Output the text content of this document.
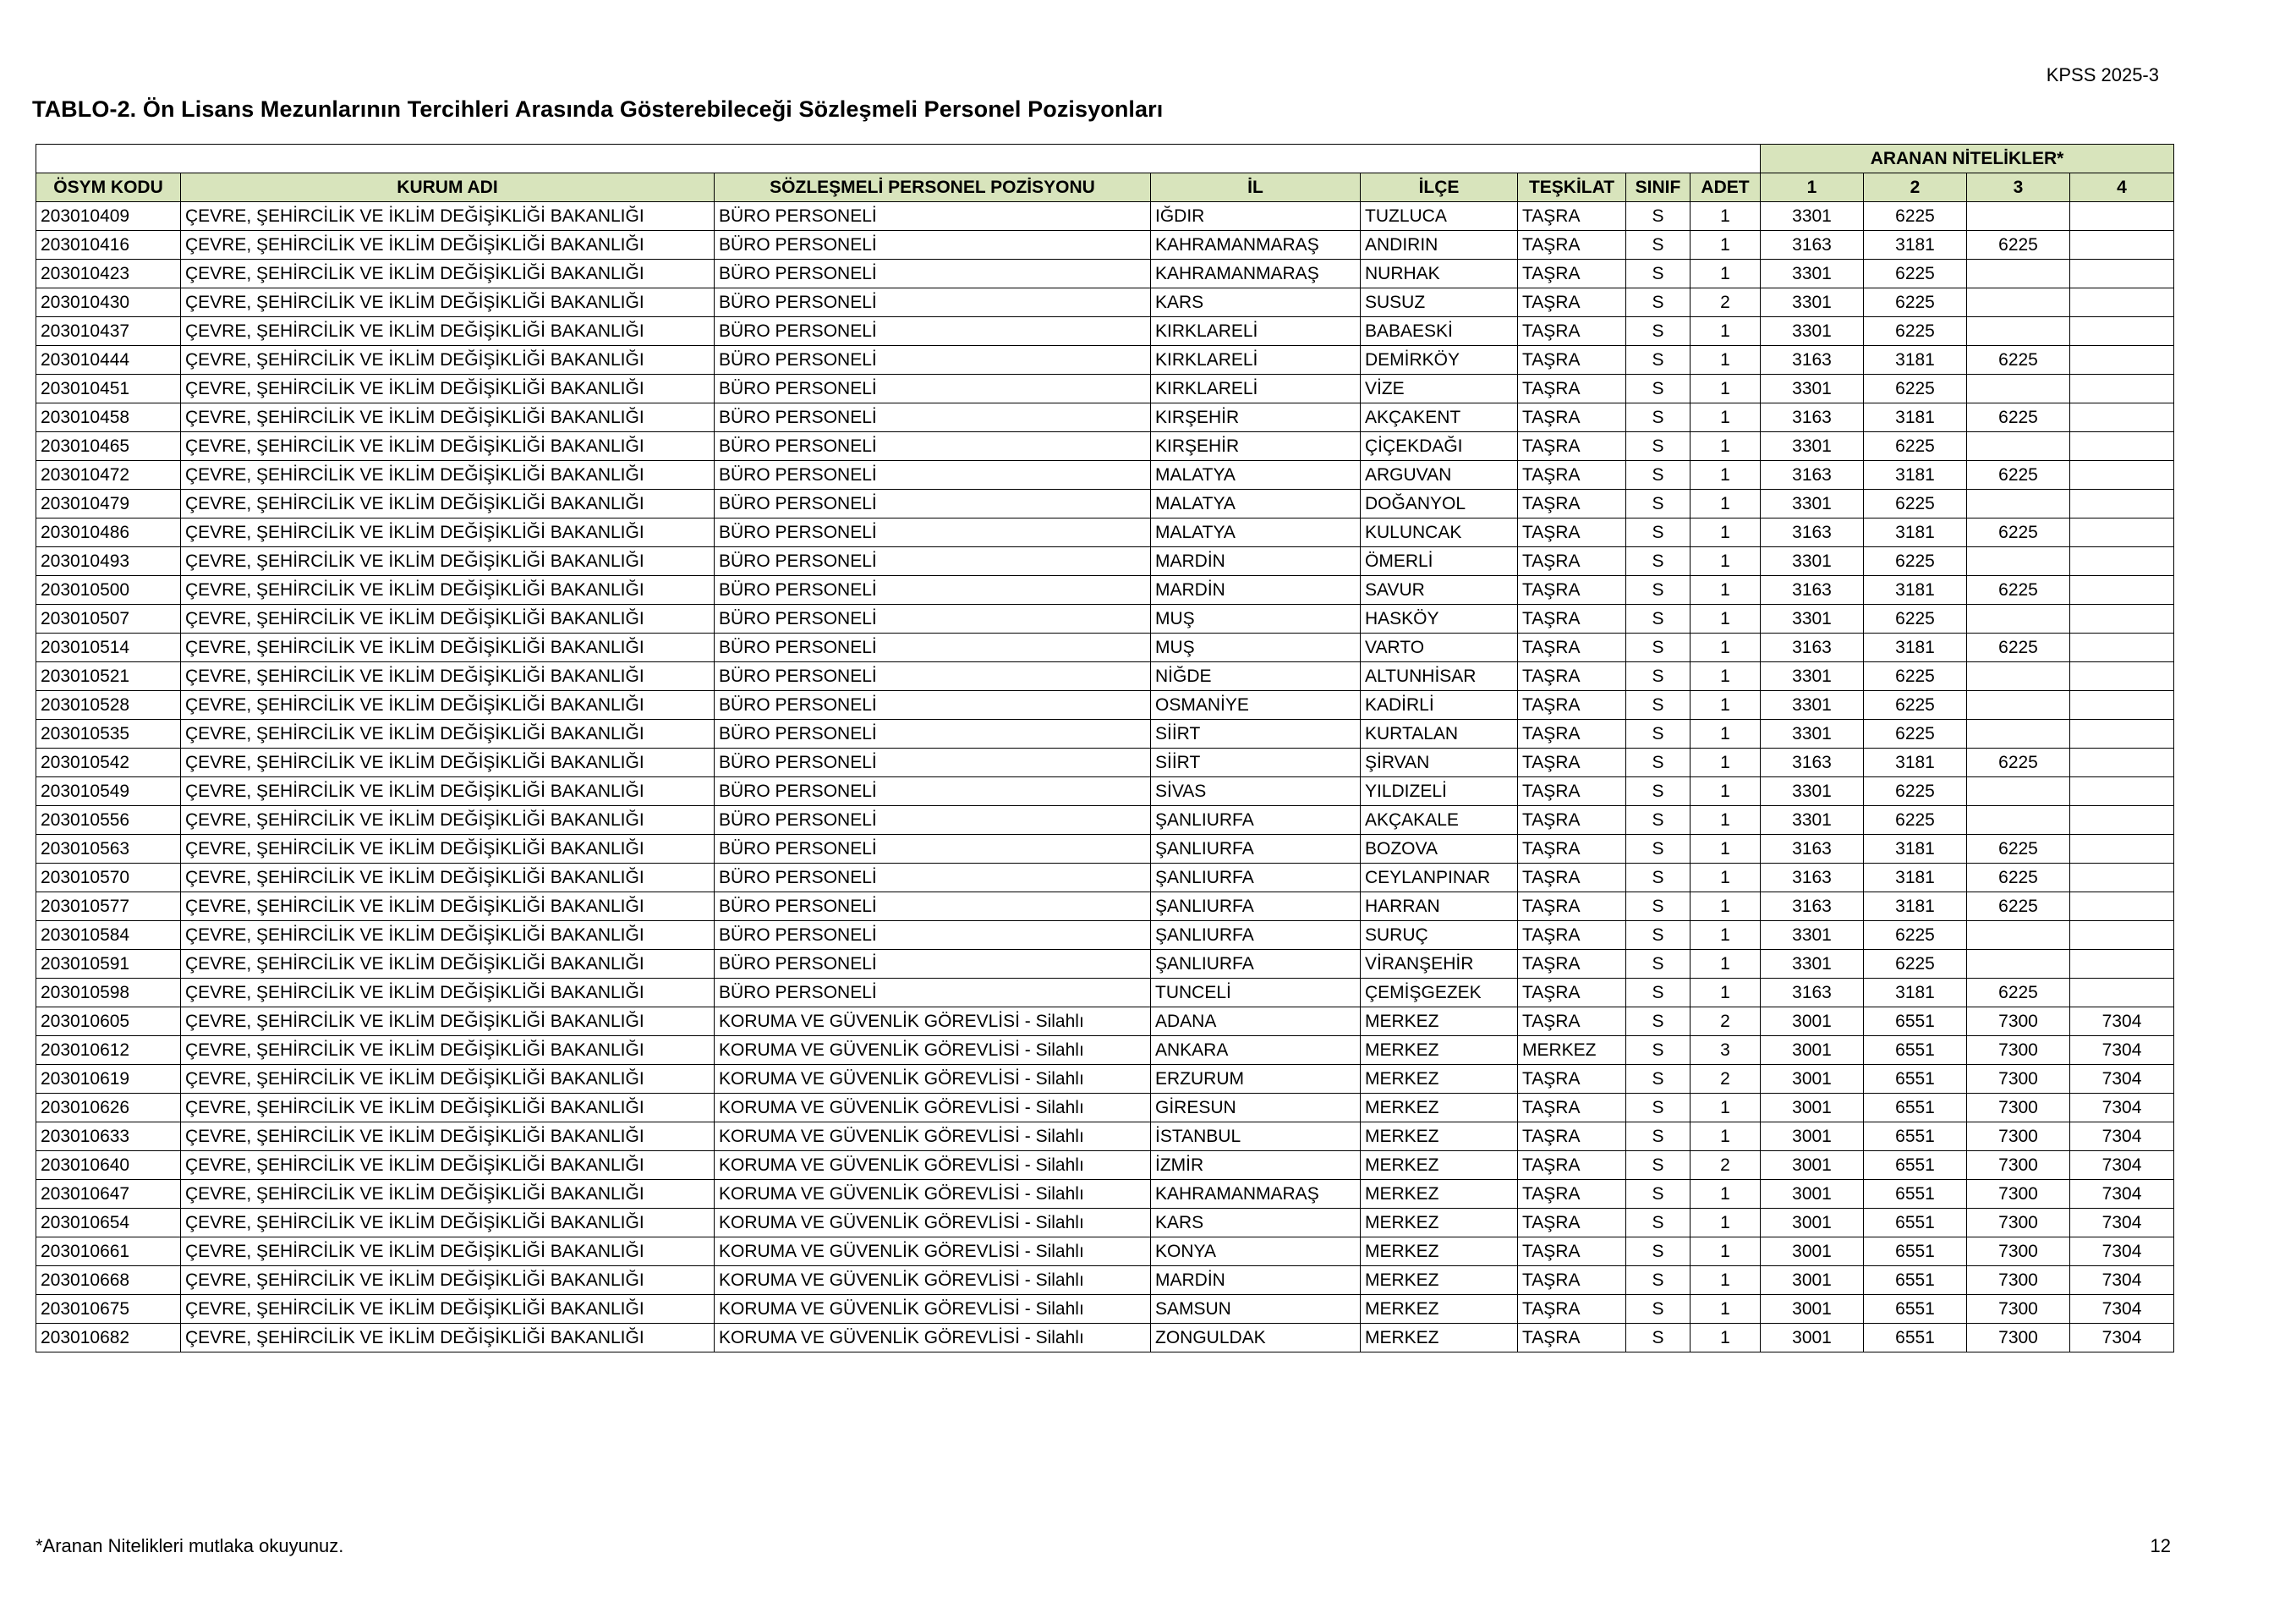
KPSS 2025-3
TABLO-2. Ön Lisans Mezunlarının Tercihleri Arasında Gösterebileceği Sözleşmeli Personel Pozisyonları
								ARANAN NİTELİKLER*			
ÖSYM KODU	KURUM ADI	SÖZLEŞMELİ PERSONEL POZİSYONU	İL	İLÇE	TEŞKİLAT	SINIF	ADET	1	2	3	4
203010409	ÇEVRE, ŞEHİRCİLİK VE İKLİM DEĞİŞİKLİĞİ BAKANLIĞI	BÜRO PERSONELİ	IĞDIR	TUZLUCA	TAŞRA	S	1	3301	6225		
203010416	ÇEVRE, ŞEHİRCİLİK VE İKLİM DEĞİŞİKLİĞİ BAKANLIĞI	BÜRO PERSONELİ	KAHRAMANMARAŞ	ANDIRIN	TAŞRA	S	1	3163	3181	6225	
203010423	ÇEVRE, ŞEHİRCİLİK VE İKLİM DEĞİŞİKLİĞİ BAKANLIĞI	BÜRO PERSONELİ	KAHRAMANMARAŞ	NURHAK	TAŞRA	S	1	3301	6225		
203010430	ÇEVRE, ŞEHİRCİLİK VE İKLİM DEĞİŞİKLİĞİ BAKANLIĞI	BÜRO PERSONELİ	KARS	SUSUZ	TAŞRA	S	2	3301	6225		
203010437	ÇEVRE, ŞEHİRCİLİK VE İKLİM DEĞİŞİKLİĞİ BAKANLIĞI	BÜRO PERSONELİ	KIRKLARELİ	BABAESKİ	TAŞRA	S	1	3301	6225		
203010444	ÇEVRE, ŞEHİRCİLİK VE İKLİM DEĞİŞİKLİĞİ BAKANLIĞI	BÜRO PERSONELİ	KIRKLARELİ	DEMİRKÖY	TAŞRA	S	1	3163	3181	6225	
203010451	ÇEVRE, ŞEHİRCİLİK VE İKLİM DEĞİŞİKLİĞİ BAKANLIĞI	BÜRO PERSONELİ	KIRKLARELİ	VİZE	TAŞRA	S	1	3301	6225		
203010458	ÇEVRE, ŞEHİRCİLİK VE İKLİM DEĞİŞİKLİĞİ BAKANLIĞI	BÜRO PERSONELİ	KIRŞEHİR	AKÇAKENT	TAŞRA	S	1	3163	3181	6225	
203010465	ÇEVRE, ŞEHİRCİLİK VE İKLİM DEĞİŞİKLİĞİ BAKANLIĞI	BÜRO PERSONELİ	KIRŞEHİR	ÇİÇEKDAĞI	TAŞRA	S	1	3301	6225		
203010472	ÇEVRE, ŞEHİRCİLİK VE İKLİM DEĞİŞİKLİĞİ BAKANLIĞI	BÜRO PERSONELİ	MALATYA	ARGUVAN	TAŞRA	S	1	3163	3181	6225	
203010479	ÇEVRE, ŞEHİRCİLİK VE İKLİM DEĞİŞİKLİĞİ BAKANLIĞI	BÜRO PERSONELİ	MALATYA	DOĞANYOL	TAŞRA	S	1	3301	6225		
203010486	ÇEVRE, ŞEHİRCİLİK VE İKLİM DEĞİŞİKLİĞİ BAKANLIĞI	BÜRO PERSONELİ	MALATYA	KULUNCAK	TAŞRA	S	1	3163	3181	6225	
203010493	ÇEVRE, ŞEHİRCİLİK VE İKLİM DEĞİŞİKLİĞİ BAKANLIĞI	BÜRO PERSONELİ	MARDİN	ÖMERLİ	TAŞRA	S	1	3301	6225		
203010500	ÇEVRE, ŞEHİRCİLİK VE İKLİM DEĞİŞİKLİĞİ BAKANLIĞI	BÜRO PERSONELİ	MARDİN	SAVUR	TAŞRA	S	1	3163	3181	6225	
203010507	ÇEVRE, ŞEHİRCİLİK VE İKLİM DEĞİŞİKLİĞİ BAKANLIĞI	BÜRO PERSONELİ	MUŞ	HASKÖY	TAŞRA	S	1	3301	6225		
203010514	ÇEVRE, ŞEHİRCİLİK VE İKLİM DEĞİŞİKLİĞİ BAKANLIĞI	BÜRO PERSONELİ	MUŞ	VARTO	TAŞRA	S	1	3163	3181	6225	
203010521	ÇEVRE, ŞEHİRCİLİK VE İKLİM DEĞİŞİKLİĞİ BAKANLIĞI	BÜRO PERSONELİ	NİĞDE	ALTUNHİSAR	TAŞRA	S	1	3301	6225		
203010528	ÇEVRE, ŞEHİRCİLİK VE İKLİM DEĞİŞİKLİĞİ BAKANLIĞI	BÜRO PERSONELİ	OSMANİYE	KADİRLİ	TAŞRA	S	1	3301	6225		
203010535	ÇEVRE, ŞEHİRCİLİK VE İKLİM DEĞİŞİKLİĞİ BAKANLIĞI	BÜRO PERSONELİ	SİİRT	KURTALAN	TAŞRA	S	1	3301	6225		
203010542	ÇEVRE, ŞEHİRCİLİK VE İKLİM DEĞİŞİKLİĞİ BAKANLIĞI	BÜRO PERSONELİ	SİİRT	ŞİRVAN	TAŞRA	S	1	3163	3181	6225	
203010549	ÇEVRE, ŞEHİRCİLİK VE İKLİM DEĞİŞİKLİĞİ BAKANLIĞI	BÜRO PERSONELİ	SİVAS	YILDIZELİ	TAŞRA	S	1	3301	6225		
203010556	ÇEVRE, ŞEHİRCİLİK VE İKLİM DEĞİŞİKLİĞİ BAKANLIĞI	BÜRO PERSONELİ	ŞANLIURFA	AKÇAKALE	TAŞRA	S	1	3301	6225		
203010563	ÇEVRE, ŞEHİRCİLİK VE İKLİM DEĞİŞİKLİĞİ BAKANLIĞI	BÜRO PERSONELİ	ŞANLIURFA	BOZOVA	TAŞRA	S	1	3163	3181	6225	
203010570	ÇEVRE, ŞEHİRCİLİK VE İKLİM DEĞİŞİKLİĞİ BAKANLIĞI	BÜRO PERSONELİ	ŞANLIURFA	CEYLANPINAR	TAŞRA	S	1	3163	3181	6225	
203010577	ÇEVRE, ŞEHİRCİLİK VE İKLİM DEĞİŞİKLİĞİ BAKANLIĞI	BÜRO PERSONELİ	ŞANLIURFA	HARRAN	TAŞRA	S	1	3163	3181	6225	
203010584	ÇEVRE, ŞEHİRCİLİK VE İKLİM DEĞİŞİKLİĞİ BAKANLIĞI	BÜRO PERSONELİ	ŞANLIURFA	SURUÇ	TAŞRA	S	1	3301	6225		
203010591	ÇEVRE, ŞEHİRCİLİK VE İKLİM DEĞİŞİKLİĞİ BAKANLIĞI	BÜRO PERSONELİ	ŞANLIURFA	VİRANŞEHİR	TAŞRA	S	1	3301	6225		
203010598	ÇEVRE, ŞEHİRCİLİK VE İKLİM DEĞİŞİKLİĞİ BAKANLIĞI	BÜRO PERSONELİ	TUNCELİ	ÇEMİŞGEZEK	TAŞRA	S	1	3163	3181	6225	
203010605	ÇEVRE, ŞEHİRCİLİK VE İKLİM DEĞİŞİKLİĞİ BAKANLIĞI	KORUMA VE GÜVENLİK GÖREVLİSİ - Silahlı	ADANA	MERKEZ	TAŞRA	S	2	3001	6551	7300	7304
203010612	ÇEVRE, ŞEHİRCİLİK VE İKLİM DEĞİŞİKLİĞİ BAKANLIĞI	KORUMA VE GÜVENLİK GÖREVLİSİ - Silahlı	ANKARA	MERKEZ	MERKEZ	S	3	3001	6551	7300	7304
203010619	ÇEVRE, ŞEHİRCİLİK VE İKLİM DEĞİŞİKLİĞİ BAKANLIĞI	KORUMA VE GÜVENLİK GÖREVLİSİ - Silahlı	ERZURUM	MERKEZ	TAŞRA	S	2	3001	6551	7300	7304
203010626	ÇEVRE, ŞEHİRCİLİK VE İKLİM DEĞİŞİKLİĞİ BAKANLIĞI	KORUMA VE GÜVENLİK GÖREVLİSİ - Silahlı	GİRESUN	MERKEZ	TAŞRA	S	1	3001	6551	7300	7304
203010633	ÇEVRE, ŞEHİRCİLİK VE İKLİM DEĞİŞİKLİĞİ BAKANLIĞI	KORUMA VE GÜVENLİK GÖREVLİSİ - Silahlı	İSTANBUL	MERKEZ	TAŞRA	S	1	3001	6551	7300	7304
203010640	ÇEVRE, ŞEHİRCİLİK VE İKLİM DEĞİŞİKLİĞİ BAKANLIĞI	KORUMA VE GÜVENLİK GÖREVLİSİ - Silahlı	İZMİR	MERKEZ	TAŞRA	S	2	3001	6551	7300	7304
203010647	ÇEVRE, ŞEHİRCİLİK VE İKLİM DEĞİŞİKLİĞİ BAKANLIĞI	KORUMA VE GÜVENLİK GÖREVLİSİ - Silahlı	KAHRAMANMARAŞ	MERKEZ	TAŞRA	S	1	3001	6551	7300	7304
203010654	ÇEVRE, ŞEHİRCİLİK VE İKLİM DEĞİŞİKLİĞİ BAKANLIĞI	KORUMA VE GÜVENLİK GÖREVLİSİ - Silahlı	KARS	MERKEZ	TAŞRA	S	1	3001	6551	7300	7304
203010661	ÇEVRE, ŞEHİRCİLİK VE İKLİM DEĞİŞİKLİĞİ BAKANLIĞI	KORUMA VE GÜVENLİK GÖREVLİSİ - Silahlı	KONYA	MERKEZ	TAŞRA	S	1	3001	6551	7300	7304
203010668	ÇEVRE, ŞEHİRCİLİK VE İKLİM DEĞİŞİKLİĞİ BAKANLIĞI	KORUMA VE GÜVENLİK GÖREVLİSİ - Silahlı	MARDİN	MERKEZ	TAŞRA	S	1	3001	6551	7300	7304
203010675	ÇEVRE, ŞEHİRCİLİK VE İKLİM DEĞİŞİKLİĞİ BAKANLIĞI	KORUMA VE GÜVENLİK GÖREVLİSİ - Silahlı	SAMSUN	MERKEZ	TAŞRA	S	1	3001	6551	7300	7304
203010682	ÇEVRE, ŞEHİRCİLİK VE İKLİM DEĞİŞİKLİĞİ BAKANLIĞI	KORUMA VE GÜVENLİK GÖREVLİSİ - Silahlı	ZONGULDAK	MERKEZ	TAŞRA	S	1	3001	6551	7300	7304
*Aranan Nitelikleri mutlaka okuyunuz.	12
